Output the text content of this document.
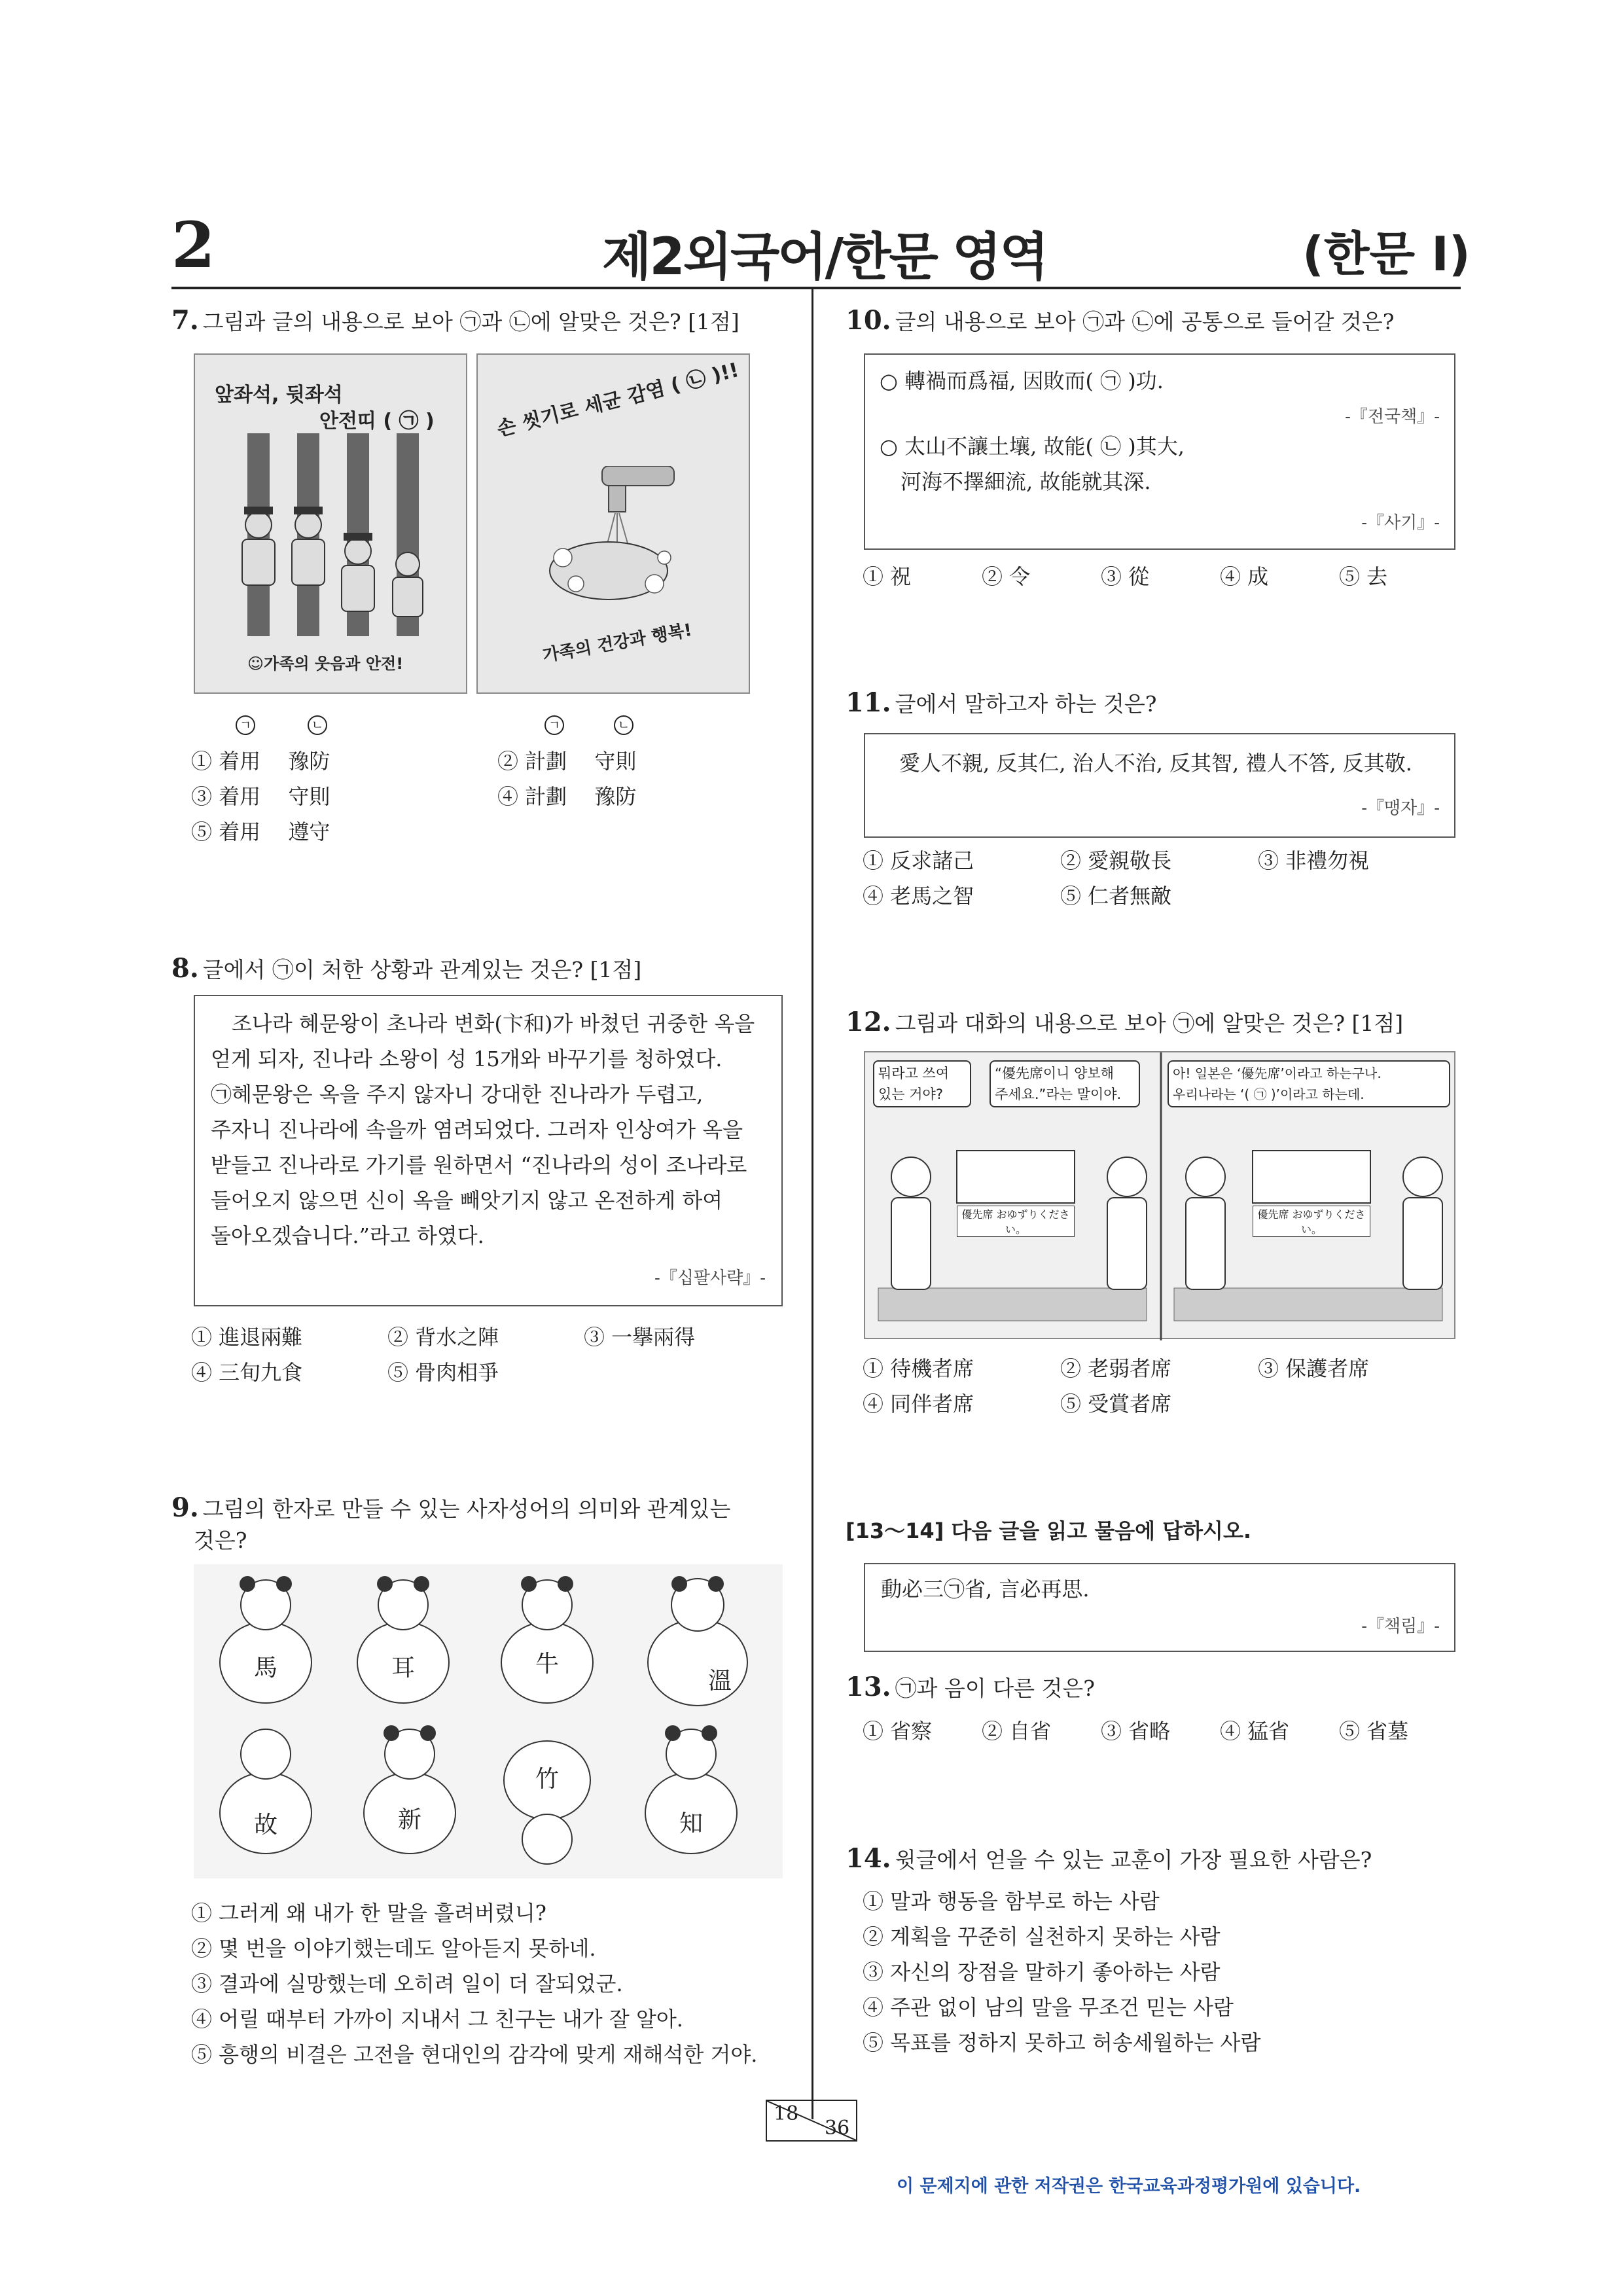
2	제2외국어/한문 영역	(한문 Ⅰ)
7. 그림과 글의 내용으로 보아 ㉠과 ㉡에 알맞은 것은? [1점]
앞좌석, 뒷좌석
안전띠 ( ㉠ )
☺가족의 웃음과 안전!
손 씻기로 세균 감염 ( ㉡ )!!
가족의 건강과 행복!
ㄱ	ㄴ	ㄱ	ㄴ
① 着用　 豫防	② 計劃　 守則
③ 着用　 守則	④ 計劃　 豫防
⑤ 着用　 遵守
8. 글에서 ㉠이 처한 상황과 관계있는 것은? [1점]
　조나라 혜문왕이 초나라 변화(卞和)가 바쳤던 귀중한 옥을
얻게 되자, 진나라 소왕이 성 15개와 바꾸기를 청하였다.
㉠혜문왕은 옥을 주지 않자니 강대한 진나라가 두렵고,
주자니 진나라에 속을까 염려되었다. 그러자 인상여가 옥을
받들고 진나라로 가기를 원하면서 “진나라의 성이 조나라로
들어오지 않으면 신이 옥을 빼앗기지 않고 온전하게 하여
돌아오겠습니다.”라고 하였다.
-『십팔사략』-
① 進退兩難	② 背水之陣	③ 一擧兩得
④ 三旬九食	⑤ 骨肉相爭
9. 그림의 한자로 만들 수 있는 사자성어의 의미와 관계있는
것은?
馬	耳	牛
溫
故	新
竹
知
① 그러게 왜 내가 한 말을 흘려버렸니?
② 몇 번을 이야기했는데도 알아듣지 못하네.
③ 결과에 실망했는데 오히려 일이 더 잘되었군.
④ 어릴 때부터 가까이 지내서 그 친구는 내가 잘 알아.
⑤ 흥행의 비결은 고전을 현대인의 감각에 맞게 재해석한 거야.
10. 글의 내용으로 보아 ㉠과 ㉡에 공통으로 들어갈 것은?
○ 轉禍而爲福, 因敗而( ㉠ )功.
-『전국책』-
○ 太山不讓土壤, 故能( ㉡ )其大,
　河海不擇細流, 故能就其深.
-『사기』-
① 祝	② 令	③ 從	④ 成	⑤ 去
11. 글에서 말하고자 하는 것은?
愛人不親, 反其仁, 治人不治, 反其智, 禮人不答, 反其敬.
-『맹자』-
① 反求諸己	② 愛親敬長	③ 非禮勿視
④ 老馬之智	⑤ 仁者無敵
12. 그림과 대화의 내용으로 보아 ㉠에 알맞은 것은? [1점]
뭐라고 쓰여
있는 거야?
“優先席이니 양보해
주세요.”라는 말이야.
아! 일본은 ‘優先席’이라고 하는구나.
우리나라는 ‘( ㉠ )’이라고 하는데.
優先席 おゆずりください。
優先席 おゆずりください。
① 待機者席	② 老弱者席	③ 保護者席
④ 同伴者席	⑤ 受賞者席
[13～14] 다음 글을 읽고 물음에 답하시오.
動必三㉠省, 言必再思.
-『책림』-
13. ㉠과 음이 다른 것은?
① 省察 ② 自省 ③ 省略 ④ 猛省 ⑤ 省墓
14. 윗글에서 얻을 수 있는 교훈이 가장 필요한 사람은?
① 말과 행동을 함부로 하는 사람
② 계획을 꾸준히 실천하지 못하는 사람
③ 자신의 장점을 말하기 좋아하는 사람
④ 주관 없이 남의 말을 무조건 믿는 사람
⑤ 목표를 정하지 못하고 허송세월하는 사람
18
36
이 문제지에 관한 저작권은 한국교육과정평가원에 있습니다.
